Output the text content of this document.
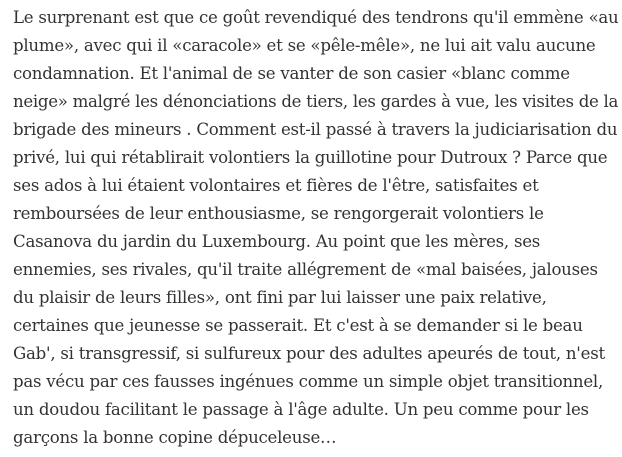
Le surprenant est que ce goût revendiqué des tendrons qu'il emmène «au
plume», avec qui il «caracole» et se «pêle-mêle», ne lui ait valu aucune
condamnation. Et l'animal de se vanter de son casier «blanc comme
neige» malgré les dénonciations de tiers, les gardes à vue, les visites de la
brigade des mineurs . Comment est-il passé à travers la judiciarisation du
privé, lui qui rétablirait volontiers la guillotine pour Dutroux ? Parce que
ses ados à lui étaient volontaires et fières de l'être, satisfaites et
remboursées de leur enthousiasme, se rengorgerait volontiers le
Casanova du jardin du Luxembourg. Au point que les mères, ses
ennemies, ses rivales, qu'il traite allégrement de «mal baisées, jalouses
du plaisir de leurs filles», ont fini par lui laisser une paix relative,
certaines que jeunesse se passerait. Et c'est à se demander si le beau
Gab', si transgressif, si sulfureux pour des adultes apeurés de tout, n'est
pas vécu par ces fausses ingénues comme un simple objet transitionnel,
un doudou facilitant le passage à l'âge adulte. Un peu comme pour les
garçons la bonne copine dépuceleuse…
